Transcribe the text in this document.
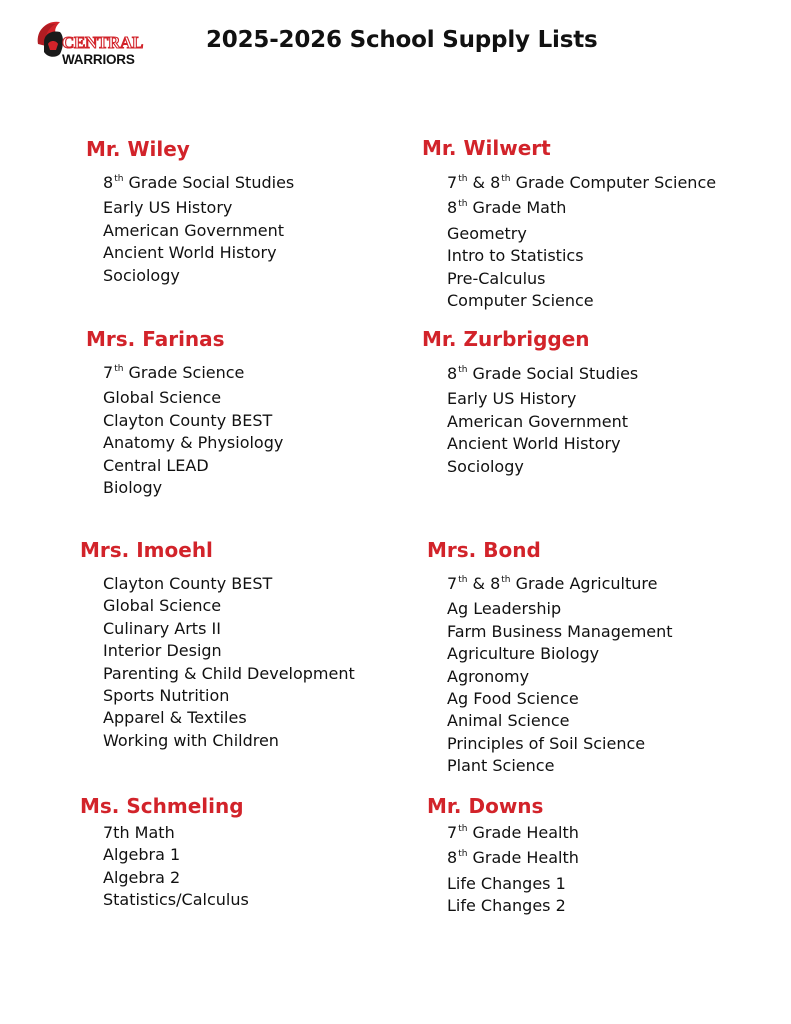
CENTRAL
WARRIORS
2025-2026 School Supply Lists
Mr. Wiley
8th Grade Social Studies
Early US History
American Government
Ancient World History
Sociology
Mr. Wilwert
7th & 8th Grade Computer Science
8th Grade Math
Geometry
Intro to Statistics
Pre-Calculus
Computer Science
Mrs. Farinas
7th Grade Science
Global Science
Clayton County BEST
Anatomy & Physiology
Central LEAD
Biology
Mr. Zurbriggen
8th Grade Social Studies
Early US History
American Government
Ancient World History
Sociology
Mrs. Imoehl
Clayton County BEST
Global Science
Culinary Arts II
Interior Design
Parenting & Child Development
Sports Nutrition
Apparel & Textiles
Working with Children
Mrs. Bond
7th & 8th Grade Agriculture
Ag Leadership
Farm Business Management
Agriculture Biology
Agronomy
Ag Food Science
Animal Science
Principles of Soil Science
Plant Science
Ms. Schmeling
7th Math
Algebra 1
Algebra 2
Statistics/Calculus
Mr. Downs
7th Grade Health
8th Grade Health
Life Changes 1
Life Changes 2
